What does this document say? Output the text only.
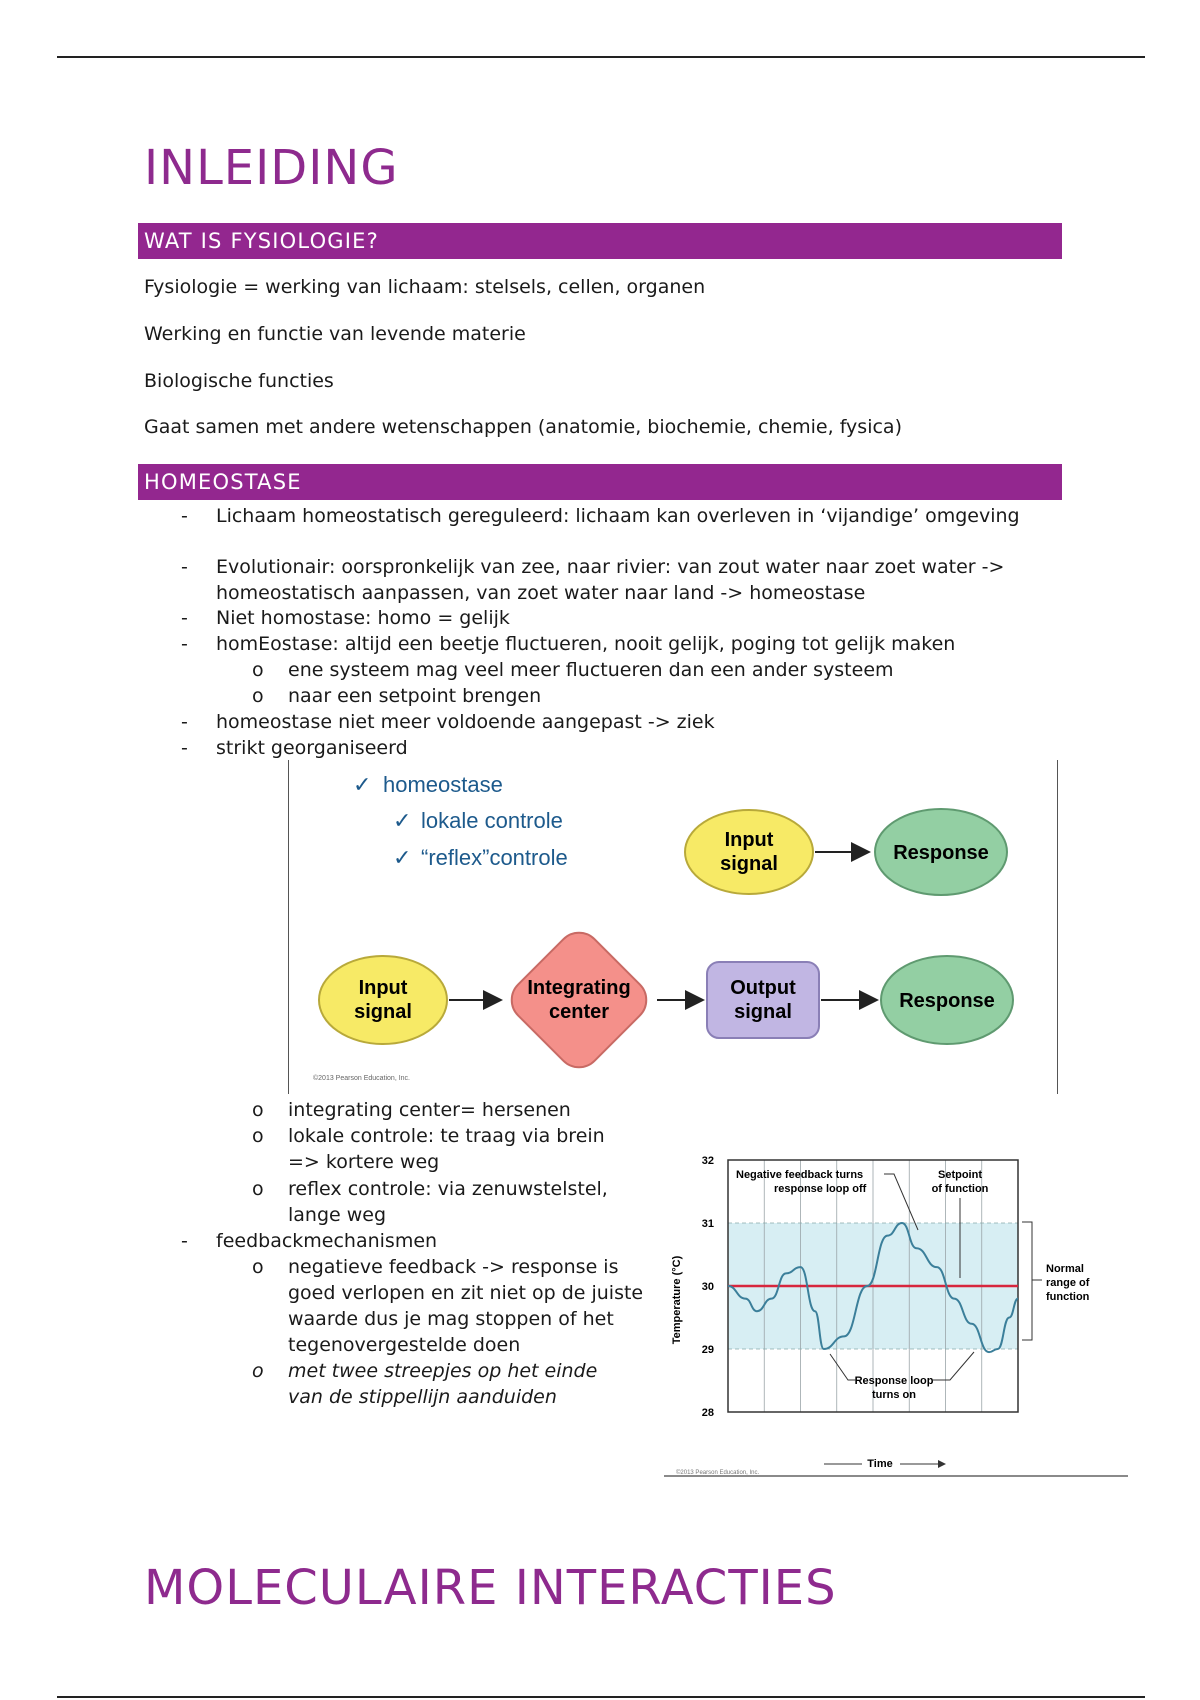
INLEIDING
WAT IS FYSIOLOGIE?

Fysiologie = werking van lichaam: stelsels, cellen, organen

Werking en functie van levende materie

Biologische functies

Gaat samen met andere wetenschappen (anatomie, biochemie, chemie, fysica)

HOMEOSTASE
- Lichaam homeostatisch gereguleerd: lichaam kan overleven in ‘vijandige’ omgeving
- Evolutionair: oorspronkelijk van zee, naar rivier: van zout water naar zoet water -> homeostatisch aanpassen, van zoet water naar land -> homeostase
- Niet homostase: homo = gelijk
- homEostase: altijd een beetje fluctueren, nooit gelijk, poging tot gelijk maken
o ene systeem mag veel meer fluctueren dan een ander systeem
o naar een setpoint brengen
- homeostase niet meer voldoende aangepast -> ziek
- strikt georganiseerd
o integrating center= hersenen
o lokale controle: te traag via brein => kortere weg
o reflex controle: via zenuwstelstel, lange weg
- feedbackmechanismen
o negatieve feedback -> response is goed verlopen en zit niet op de juiste waarde dus je mag stoppen of het tegenovergestelde doen
o met twee streepjes op het einde van de stippellijn aanduiden
✓ homeostase
✓ lokale controle
✓ “reflex”controle
Input
signal	Response
Input
signal
Integrating
center
Output
signal	Response
©2013 Pearson Education, Inc.
28
29
30
31
32
Temperature (°C)
Time
Negative feedback turns
response loop off
Setpoint
of function
Normal
range of
function
Response loop
turns on
©2013 Pearson Education, Inc.
MOLECULAIRE INTERACTIES
